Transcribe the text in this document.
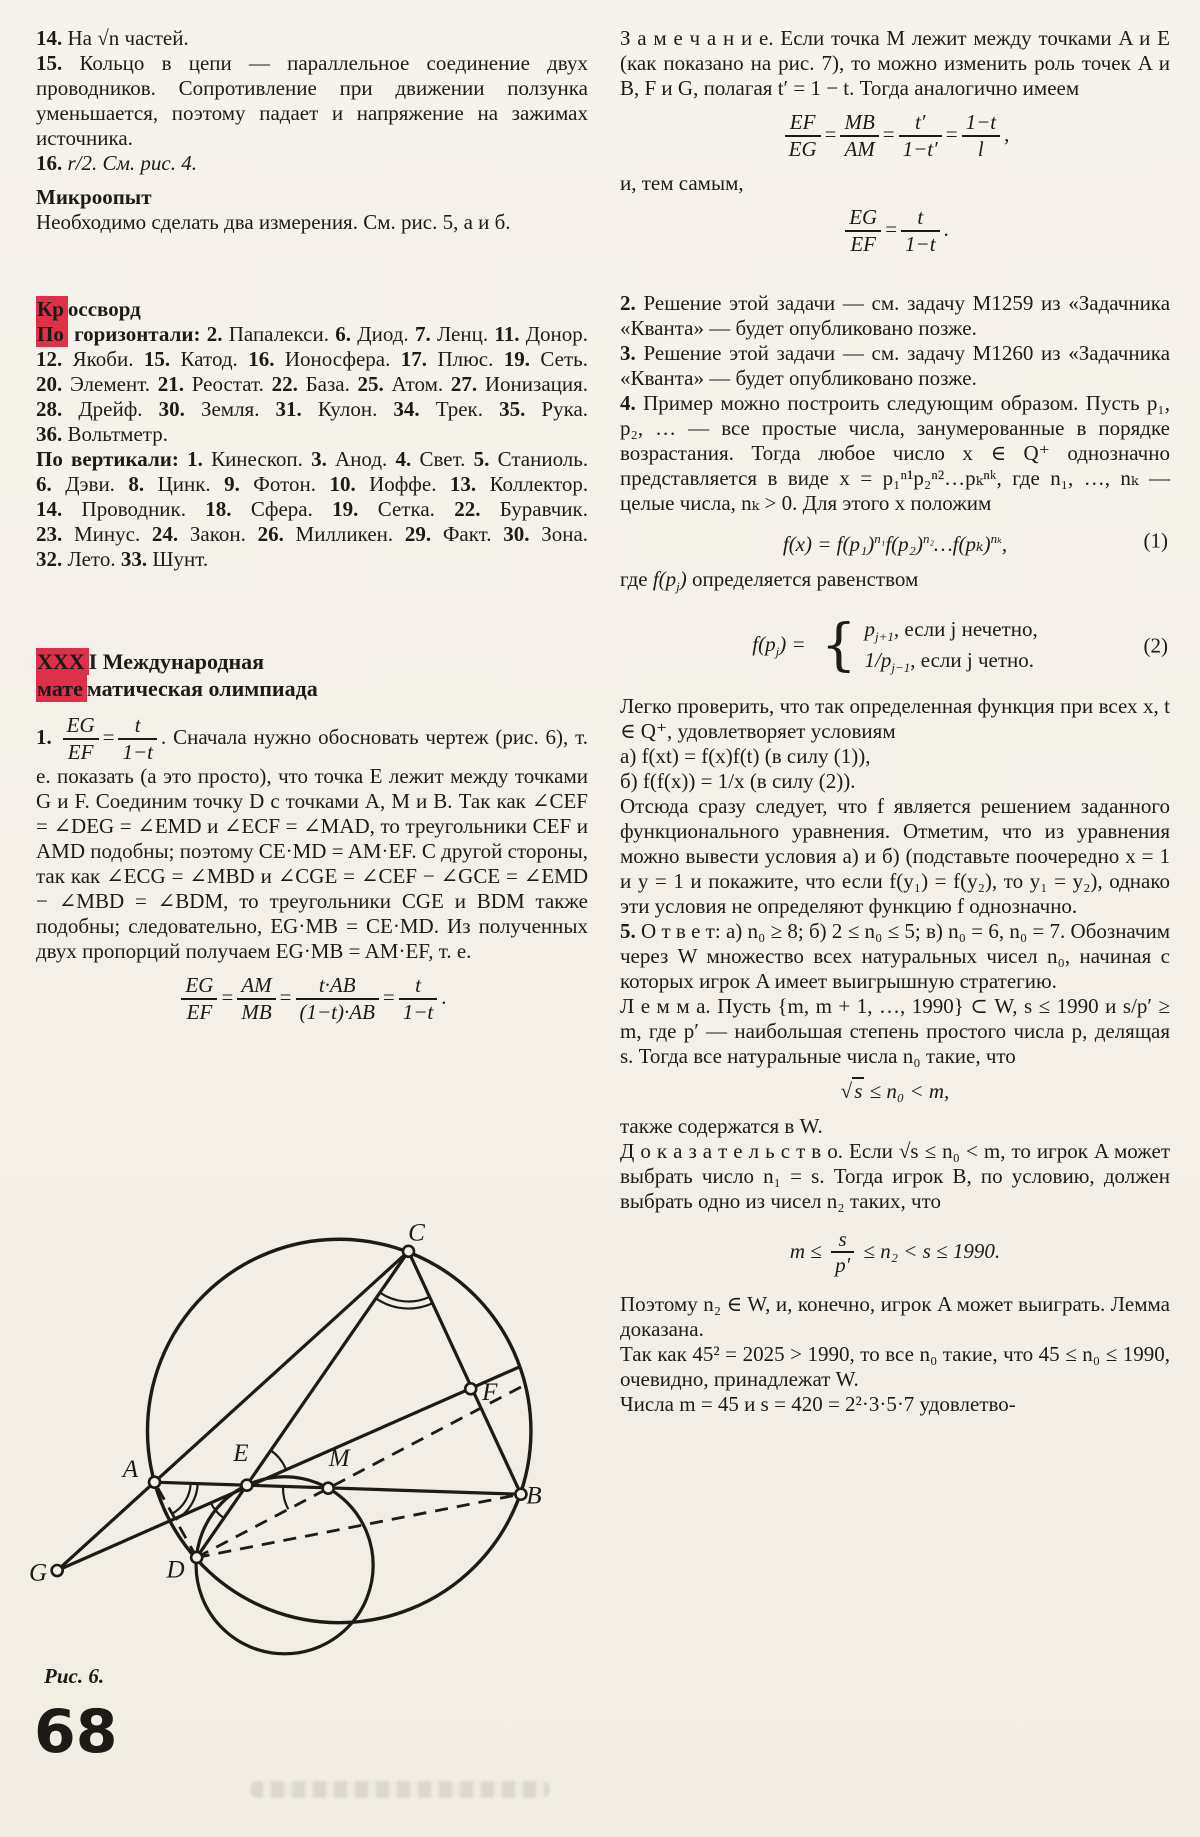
14. На √n частей.

15. Кольцо в цепи — параллельное соединение двух проводников. Сопротивление при движении ползунка уменьшается, поэтому падает и напряжение на зажимах источника.

16. r/2. См. рис. 4.

Микроопыт

Необходимо сделать два измерения. См. рис. 5, а и б.

Кр оссворд

По горизонтали: 2. Папалекси. 6. Диод. 7. Ленц. 11. Донор. 12. Якоби. 15. Катод. 16. Ионосфера. 17. Плюс. 19. Сеть. 20. Элемент. 21. Реостат. 22. База. 25. Атом. 27. Ионизация. 28. Дрейф. 30. Земля. 31. Кулон. 34. Трек. 35. Рука. 36. Вольтметр.

По вертикали: 1. Кинескоп. 3. Анод. 4. Свет. 5. Станиоль. 6. Дэви. 8. Цинк. 9. Фотон. 10. Иоффе. 13. Коллектор. 14. Проводник. 18. Сфера. 19. Сетка. 22. Буравчик. 23. Минус. 24. Закон. 26. Милликен. 29. Факт. 30. Зона. 32. Лето. 33. Шунт.

XXX I Международная
мате матическая олимпиада

1. $\frac{EG}{EF} = \frac{t}{1-t}$ . Сначала нужно обосновать чертеж (рис. 6), т. е. показать (а это просто), что точка E лежит между точками G и F. Соединим точку D с точками A, M и B. Так как ∠CEF = ∠DEG = ∠EMD и ∠ECF = ∠MAD, то треугольники CEF и AMD подобны; поэтому CE·MD = AM·EF. С другой стороны, так как ∠ECG = ∠MBD и ∠CGE = ∠CEF − ∠GCE = ∠EMD − ∠MBD = ∠BDM, то треугольники CGE и BDM также подобны; следовательно, EG·MB = CE·MD. Из полученных двух пропорций получаем EG·MB = AM·EF, т. е.

$\frac{EG}{EF} = \frac{AM}{MB} = \frac{t\cdot AB}{(1-t)\cdot AB} = \frac{t}{1-t}$ .
C
F
A
E	M
B
D
G
Рис. 6.
68

З а м е ч а н и е. Если точка M лежит между точками A и E (как показано на рис. 7), то можно изменить роль точек A и B, F и G, полагая t′ = 1 − t. Тогда аналогично имеем

$\frac{EF}{EG} = \frac{MB}{AM} = \frac{t'}{1-t'} = \frac{1-t}{l}$ ,

и, тем самым,

$\frac{EG}{EF} = \frac{t}{1-t}$ .

2. Решение этой задачи — см. задачу М1259 из «Задачника «Кванта» — будет опубликовано позже.

3. Решение этой задачи — см. задачу М1260 из «Задачника «Кванта» — будет опубликовано позже.

4. Пример можно построить следующим образом. Пусть p₁, p₂, … — все простые числа, занумерованные в порядке возрастания. Тогда любое число x ∈ Q⁺ однозначно представляется в виде x = p₁ⁿ¹p₂ⁿ²…pₖⁿᵏ, где n₁, …, nₖ — целые числа, nₖ > 0. Для этого x положим

$f(x) = f(p_1)^{n_1}f(p_2)^{n_2}\dots f(p_k)^{n_k}$,	(1)

где $f(p_j)$ определяется равенством

$f(p_j)$ = { $p_{j+1}$, если j нечетно,
$1/p_{j-1}$, если j четно.
(2)

Легко проверить, что так определенная функция при всех x, t ∈ Q⁺, удовлетворяет условиям

а) f(xt) = f(x)f(t) (в силу (1)),

б) f(f(x)) = 1/x (в силу (2)).

Отсюда сразу следует, что f является решением заданного функционального уравнения. Отметим, что из уравнения можно вывести условия а) и б) (подставьте поочередно x = 1 и y = 1 и покажите, что если f(y₁) = f(y₂), то y₁ = y₂), однако эти условия не определяют функцию f однозначно.

5. О т в е т: а) n₀ ≥ 8; б) 2 ≤ n₀ ≤ 5; в) n₀ = 6, n₀ = 7. Обозначим через W множество всех натуральных чисел n₀, начиная с которых игрок A имеет выигрышную стратегию.

Л е м м а. Пусть {m, m + 1, …, 1990} ⊂ W, s ≤ 1990 и s/p′ ≥ m, где p′ — наибольшая степень простого числа p, делящая s. Тогда все натуральные числа n₀ такие, что

√s ≤ n₀ < m,

также содержатся в W.

Д о к а з а т е л ь с т в о. Если √s ≤ n₀ < m, то игрок A может выбрать число n₁ = s. Тогда игрок B, по условию, должен выбрать одно из чисел n₂ таких, что

$m \le \frac{s}{p'} \le n_2 < s \le 1990$.

Поэтому n₂ ∈ W, и, конечно, игрок A может выиграть. Лемма доказана.

Так как 45² = 2025 > 1990, то все n₀ такие, что 45 ≤ n₀ ≤ 1990, очевидно, принадлежат W.

Числа m = 45 и s = 420 = 2²·3·5·7 удовлетво-
